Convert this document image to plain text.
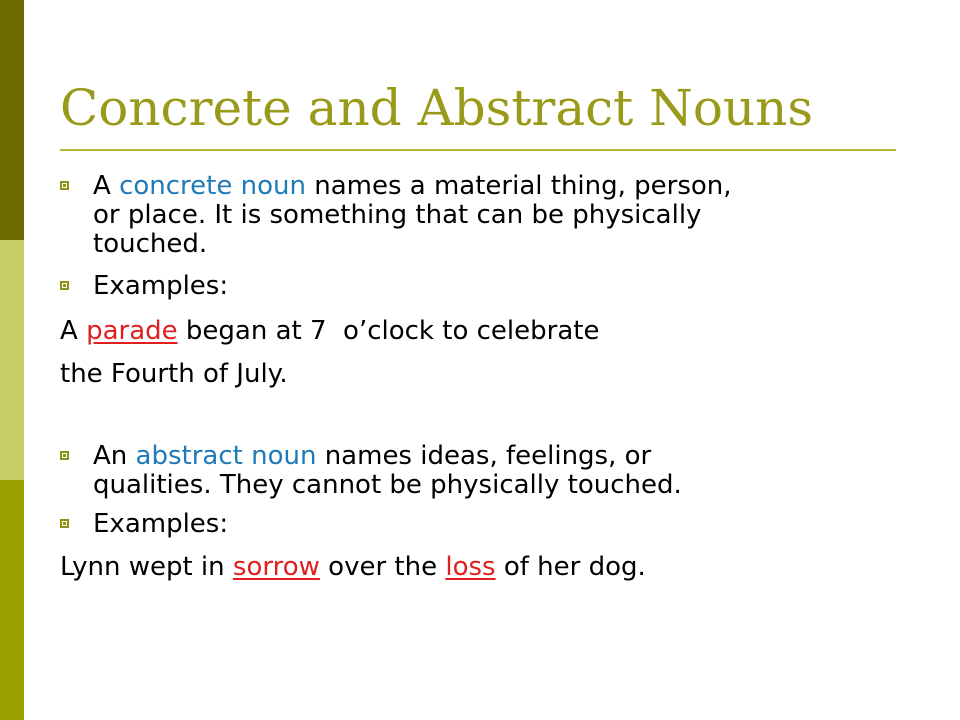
Concrete and Abstract Nouns
A concrete noun names a material thing, person,
or place. It is something that can be physically
touched.
Examples:

A parade began at 7  o’clock to celebrate

the Fourth of July.

An abstract noun names ideas, feelings, or
qualities. They cannot be physically touched.
Examples:

Lynn wept in sorrow over the loss of her dog.
